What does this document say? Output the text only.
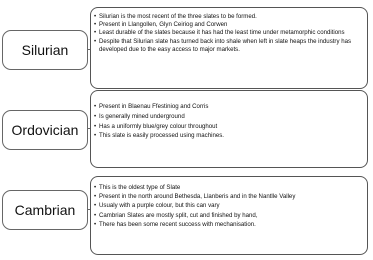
Silurian
• Silurian is the most recent of the three slates to be formed.
• Present in Llangollen, Glyn Ceiriog and Corwen
• Least durable of the slates because it has had the least time under metamorphic conditions
• Despite that Silurian slate has turned back into shale when left in slate heaps the industry has developed due to the easy access to major markets.
Ordovician
• Present in Blaenau Ffestiniog and Corris
• Is generally mined underground
• Has a uniformly blue/grey colour throughout
• This slate is easily processed using machines.
Cambrian
• This is the oldest type of Slate
• Present in the north around Bethesda, Llanberis and in the Nantlle Valley
• Usualy with a purple colour, but this can vary
• Cambrian Slates are mostly split, cut and finished by hand,
• There has been some recent success with mechanisation.
